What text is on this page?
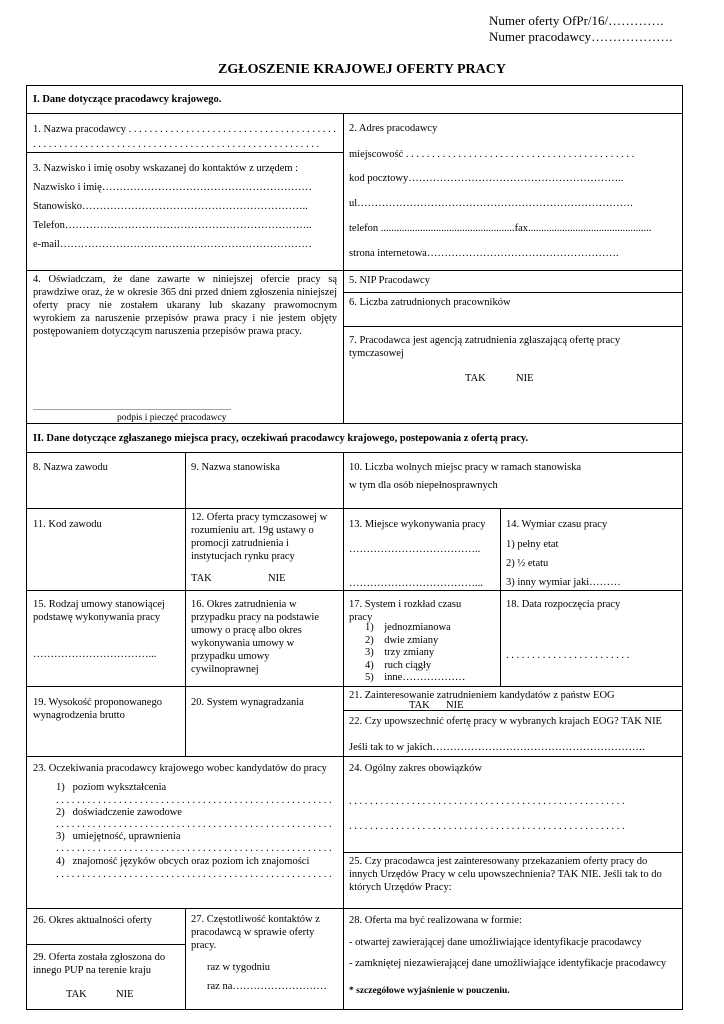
Numer oferty OfPr/16/………….
Numer pracodawcy……………….
ZGŁOSZENIE KRAJOWEJ OFERTY PRACY
I. Dane dotyczące pracodawcy krajowego.
1. Nazwa pracodawcy . . . . . . . . . . . . . . . . . . . . . . . . . . . . . . . . . . . . . . . .
. . . . . . . . . . . . . . . . . . . . . . . . . . . . . . . . . . . . . . . . . . . . . . . . . . . . . . .
3. Nazwisko i imię osoby wskazanej do kontaktów z urzędem :
Nazwisko i imię……………………………………………………
Stanowisko………………………………………………………..
Telefon……………………………………………………………..
e-mail………………………………………………………………
2. Adres pracodawcy
miejscowość . . . . . . . . . . . . . . . . . . . . . . . . . . . . . . . . . . . . . . . . . . . .
kod pocztowy……………………………………………………..
ul…………………………………………………………………….
telefon ...................................................fax...............................................
strona internetowa……………………………………………….
4. Oświadczam, że dane zawarte w niniejszej ofercie pracy są prawdziwe oraz, że w okresie 365 dni przed dniem zgłoszenia niniejszej oferty pracy nie zostałem ukarany lub skazany prawomocnym wyrokiem za naruszenie przepisów prawa pracy i nie jestem objęty postępowaniem dotyczącym naruszenia przepisów prawa pracy.
...................................................................................................
podpis i pieczęć pracodawcy
5. NIP Pracodawcy
6. Liczba zatrudnionych pracowników
7. Pracodawca jest agencją zatrudnienia zgłaszającą ofertę pracy tymczasowej
TAK	NIE
II. Dane dotyczące zgłaszanego miejsca pracy, oczekiwań pracodawcy krajowego, postepowania z ofertą pracy.
8. Nazwa zawodu	9. Nazwa stanowiska	10. Liczba wolnych miejsc pracy w ramach stanowiska
w tym dla osób niepełnosprawnych
11. Kod zawodu
12. Oferta pracy tymczasowej w rozumieniu art. 19g ustawy o promocji zatrudnienia i instytucjach rynku pracy
TAK	NIE
13. Miejsce wykonywania pracy
………………………………..
………………………………...
14. Wymiar czasu pracy
1) pełny etat
2) ½ etatu
3) inny wymiar jaki………
15. Rodzaj umowy stanowiącej podstawę wykonywania pracy
……………………………...
16. Okres zatrudnienia w przypadku pracy na podstawie umowy o pracę albo okres wykonywania umowy w przypadku umowy cywilnoprawnej
17. System i rozkład czasu pracy
1) jednozmianowa
2) dwie zmiany
3) trzy zmiany
4) ruch ciągły
5) inne………………
18. Data rozpoczęcia pracy
. . . . . . . . . . . . . . . . . . . . . . . .
19. Wysokość proponowanego wynagrodzenia brutto
20. System wynagradzania
21. Zainteresowanie zatrudnieniem kandydatów z państw EOG
TAK NIE
22. Czy upowszechnić ofertę pracy w wybranych krajach EOG? TAK NIE
Jeśli tak to w jakich…………………………………………………….
23. Oczekiwania pracodawcy krajowego wobec kandydatów do pracy
1) poziom wykształcenia
. . . . . . . . . . . . . . . . . . . . . . . . . . . . . . . . . . . . . . . . . . . . . . . . . . . . .
2) doświadczenie zawodowe
. . . . . . . . . . . . . . . . . . . . . . . . . . . . . . . . . . . . . . . . . . . . . . . . . . . . .
3) umiejętność, uprawnienia
. . . . . . . . . . . . . . . . . . . . . . . . . . . . . . . . . . . . . . . . . . . . . . . . . . . . .
4) znajomość języków obcych oraz poziom ich znajomości
. . . . . . . . . . . . . . . . . . . . . . . . . . . . . . . . . . . . . . . . . . . . . . . . . . . . .
24. Ogólny zakres obowiązków
. . . . . . . . . . . . . . . . . . . . . . . . . . . . . . . . . . . . . . . . . . . . . . . . . . . . .
. . . . . . . . . . . . . . . . . . . . . . . . . . . . . . . . . . . . . . . . . . . . . . . . . . . . .
25. Czy pracodawca jest zainteresowany przekazaniem oferty pracy do innych Urzędów Pracy w celu upowszechnienia? TAK NIE. Jeśli tak to do których Urzędów Pracy:
26. Okres aktualności oferty
29. Oferta została zgłoszona do innego PUP na terenie kraju
TAK	NIE
27. Częstotliwość kontaktów z pracodawcą w sprawie oferty pracy.
raz w tygodniu
raz na………………………
28. Oferta ma być realizowana w formie:
- otwartej zawierającej dane umożliwiające identyfikacje pracodawcy
- zamkniętej niezawierającej dane umożliwiające identyfikacje pracodawcy
* szczegółowe wyjaśnienie w pouczeniu.
